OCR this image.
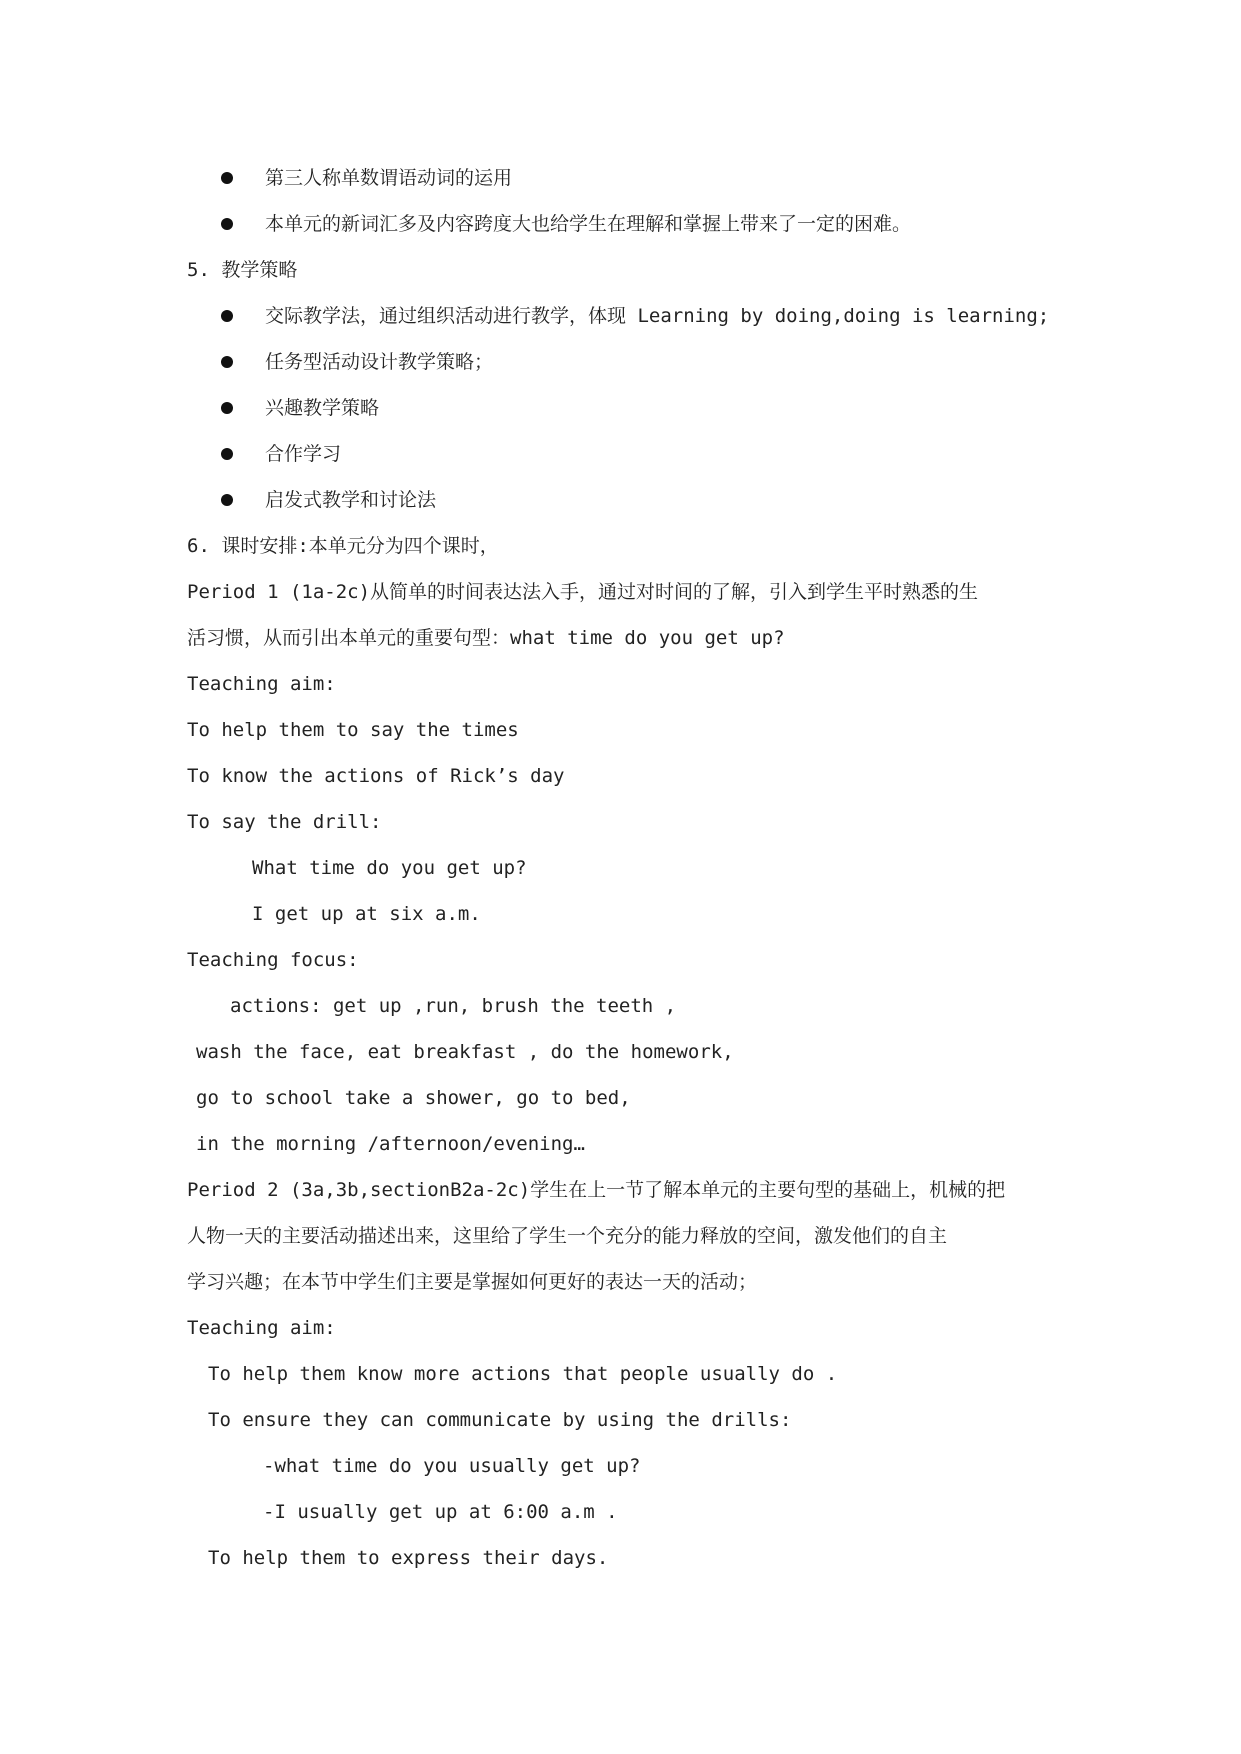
第三人称单数谓语动词的运用
本单元的新词汇多及内容跨度大也给学生在理解和掌握上带来了一定的困难。
5. 教学策略
交际教学法，通过组织活动进行教学，体现 Learning by doing,doing is learning;
任务型活动设计教学策略；
兴趣教学策略
合作学习
启发式教学和讨论法
6. 课时安排:本单元分为四个课时，
Period 1 (1a-2c)从简单的时间表达法入手，通过对时间的了解，引入到学生平时熟悉的生
活习惯，从而引出本单元的重要句型：what time do you get up?
Teaching aim:
To help them to say the times
To know the actions of Rick’s day
To say the drill:
What time do you get up?
I get up at six a.m.
Teaching focus:
actions: get up ,run, brush the teeth ,
wash the face, eat breakfast , do the homework,
go to school take a shower, go to bed,
in the morning /afternoon/evening…
Period 2 (3a,3b,sectionB2a-2c)学生在上一节了解本单元的主要句型的基础上，机械的把
人物一天的主要活动描述出来，这里给了学生一个充分的能力释放的空间，激发他们的自主
学习兴趣；在本节中学生们主要是掌握如何更好的表达一天的活动；
Teaching aim:
To help them know more actions that people usually do .
To ensure they can communicate by using the drills:
-what time do you usually get up?
-I usually get up at 6:00 a.m .
To help them to express their days.
